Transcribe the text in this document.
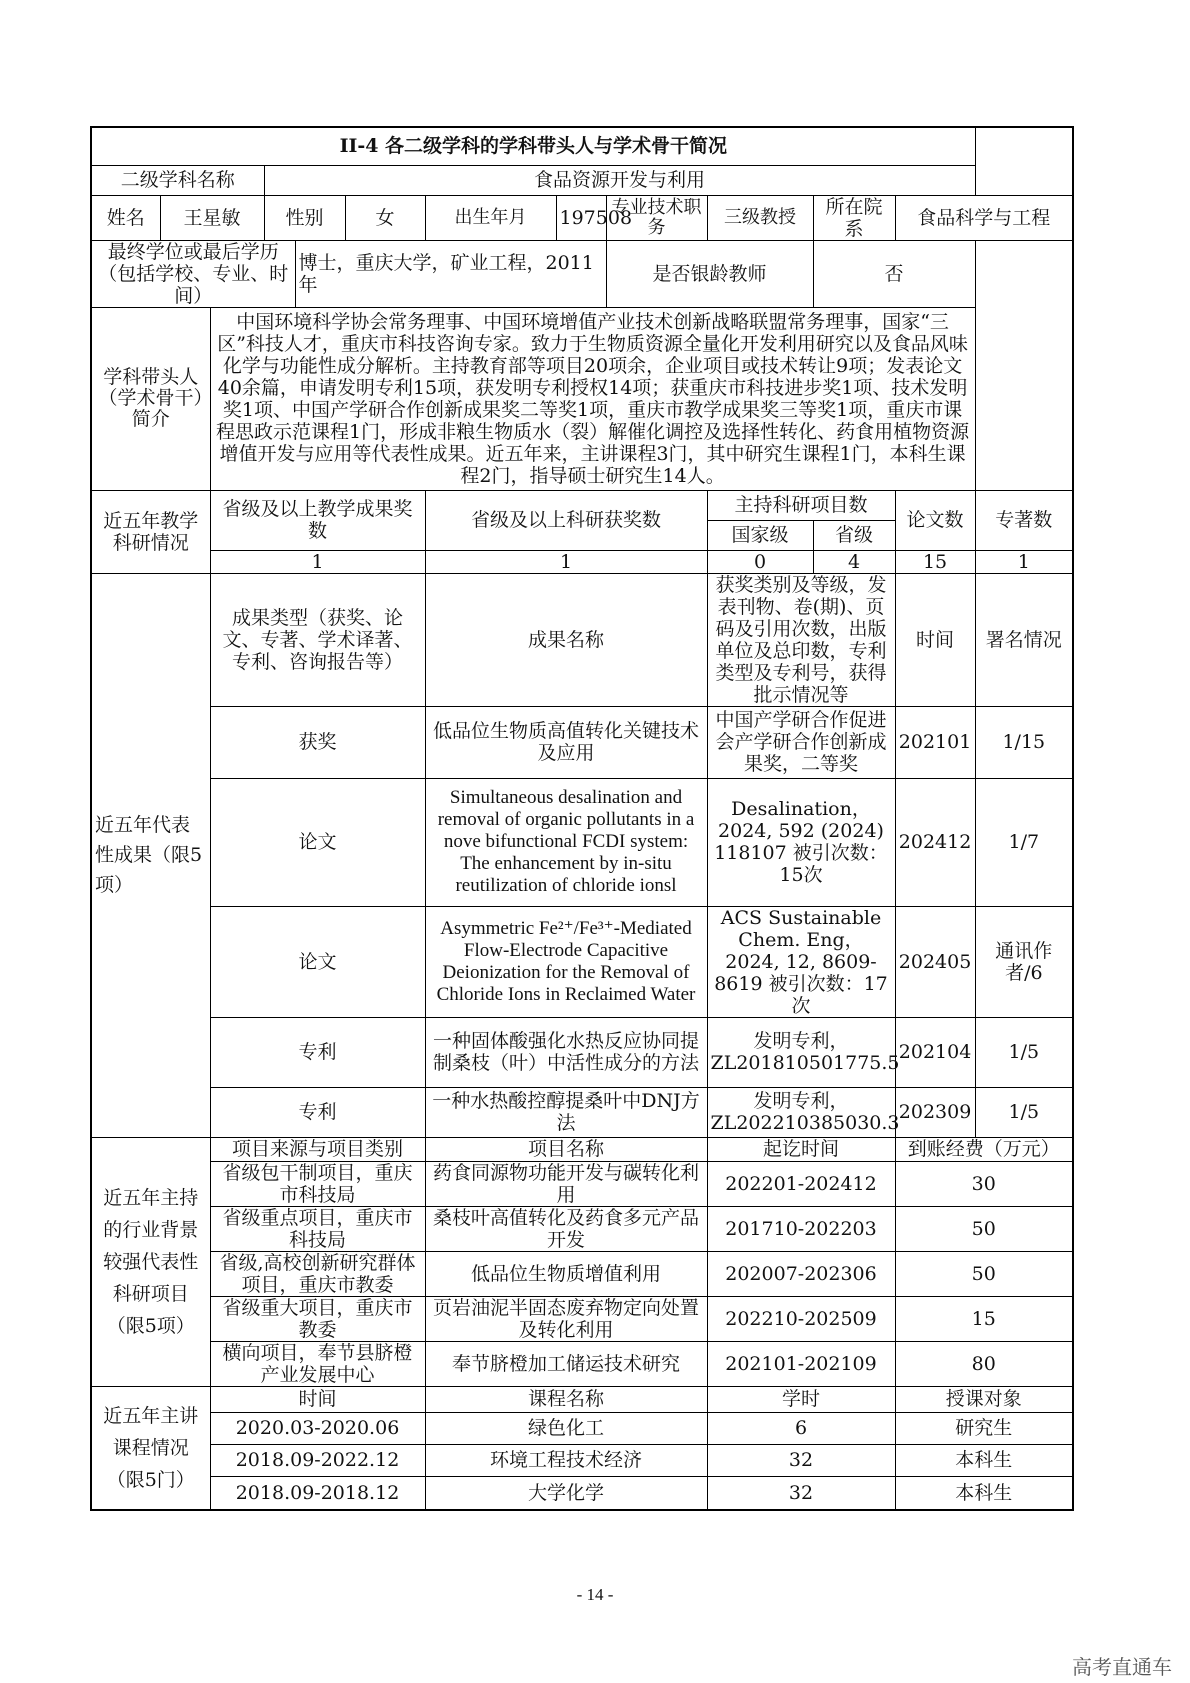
II-4 各二级学科的学科带头人与学术骨干简况												
二级学科名称			食品资源开发与利用									
姓名	王星敏		性别		女	出生年月	197508	专业技术职务	三级教授	所在院系	食品科学与工程	
最终学位或最后学历（包括学校、专业、时间）				博士，重庆大学，矿业工程，2011年				是否银龄教师		否		
学科带头人（学术骨干）简介		中国环境科学协会常务理事、中国环境增值产业技术创新战略联盟常务理事，国家“三区”科技人才，重庆市科技咨询专家。致力于生物质资源全量化开发利用研究以及食品风味化学与功能性成分解析。主持教育部等项目20项余，企业项目或技术转让9项；发表论文40余篇，申请发明专利15项，获发明专利授权14项；获重庆市科技进步奖1项、技术发明奖1项、中国产学研合作创新成果奖二等奖1项，重庆市教学成果奖三等奖1项，重庆市课程思政示范课程1门，形成非粮生物质水（裂）解催化调控及选择性转化、药食用植物资源增值开发与应用等代表性成果。近五年来，主讲课程3门，其中研究生课程1门，本科生课程2门，指导硕士研究生14人。										
近五年教学科研情况		省级及以上教学成果奖数				省级及以上科研获奖数			主持科研项目数		论文数	专著数
									国家级	省级		
		1				1			0	4	15	1
近五年代表性成果（限5项）		成果类型（获奖、论文、专著、学术译著、专利、咨询报告等）				成果名称			获奖类别及等级，发表刊物、卷(期)、页码及引用次数，出版单位及总印数，专利类型及专利号，获得批示情况等		时间	署名情况
		获奖				低品位生物质高值转化关键技术及应用			中国产学研合作促进会产学研合作创新成果奖，二等奖		202101	1/15
		论文				Simultaneous desalination and removal of organic pollutants in a nove bifunctional FCDI system: The enhancement by in-situ reutilization of chloride ionsl			Desalination，2024, 592 (2024) 118107 被引次数：15次		202412	1/7
		论文				Asymmetric Fe²⁺/Fe³⁺-Mediated Flow-Electrode Capacitive Deionization for the Removal of Chloride Ions in Reclaimed Water			ACS Sustainable Chem. Eng， 2024, 12, 8609-8619 被引次数：17次		202405	通讯作者/6
		专利				一种固体酸强化水热反应协同提制桑枝（叶）中活性成分的方法			发明专利，ZL201810501775.5		202104	1/5
		专利				一种水热酸控醇提桑叶中DNJ方法			发明专利，ZL202210385030.3		202309	1/5
近五年主持的行业背景较强代表性科研项目（限5项）		项目来源与项目类别				项目名称			起讫时间		到账经费（万元）	
		省级包干制项目，重庆市科技局				药食同源物功能开发与碳转化利用			202201-202412		30	
		省级重点项目，重庆市科技局				桑枝叶高值转化及药食多元产品开发			201710-202203		50	
		省级,高校创新研究群体项目，重庆市教委				低品位生物质增值利用			202007-202306		50	
		省级重大项目，重庆市教委				页岩油泥半固态废弃物定向处置及转化利用			202210-202509		15	
		横向项目，奉节县脐橙产业发展中心				奉节脐橙加工储运技术研究			202101-202109		80	
近五年主讲课程情况（限5门）		时间				课程名称			学时		授课对象	
		2020.03-2020.06				绿色化工			6		研究生	
		2018.09-2022.12				环境工程技术经济			32		本科生	
		2018.09-2018.12				大学化学			32		本科生	
- 14 -
高考直通车
